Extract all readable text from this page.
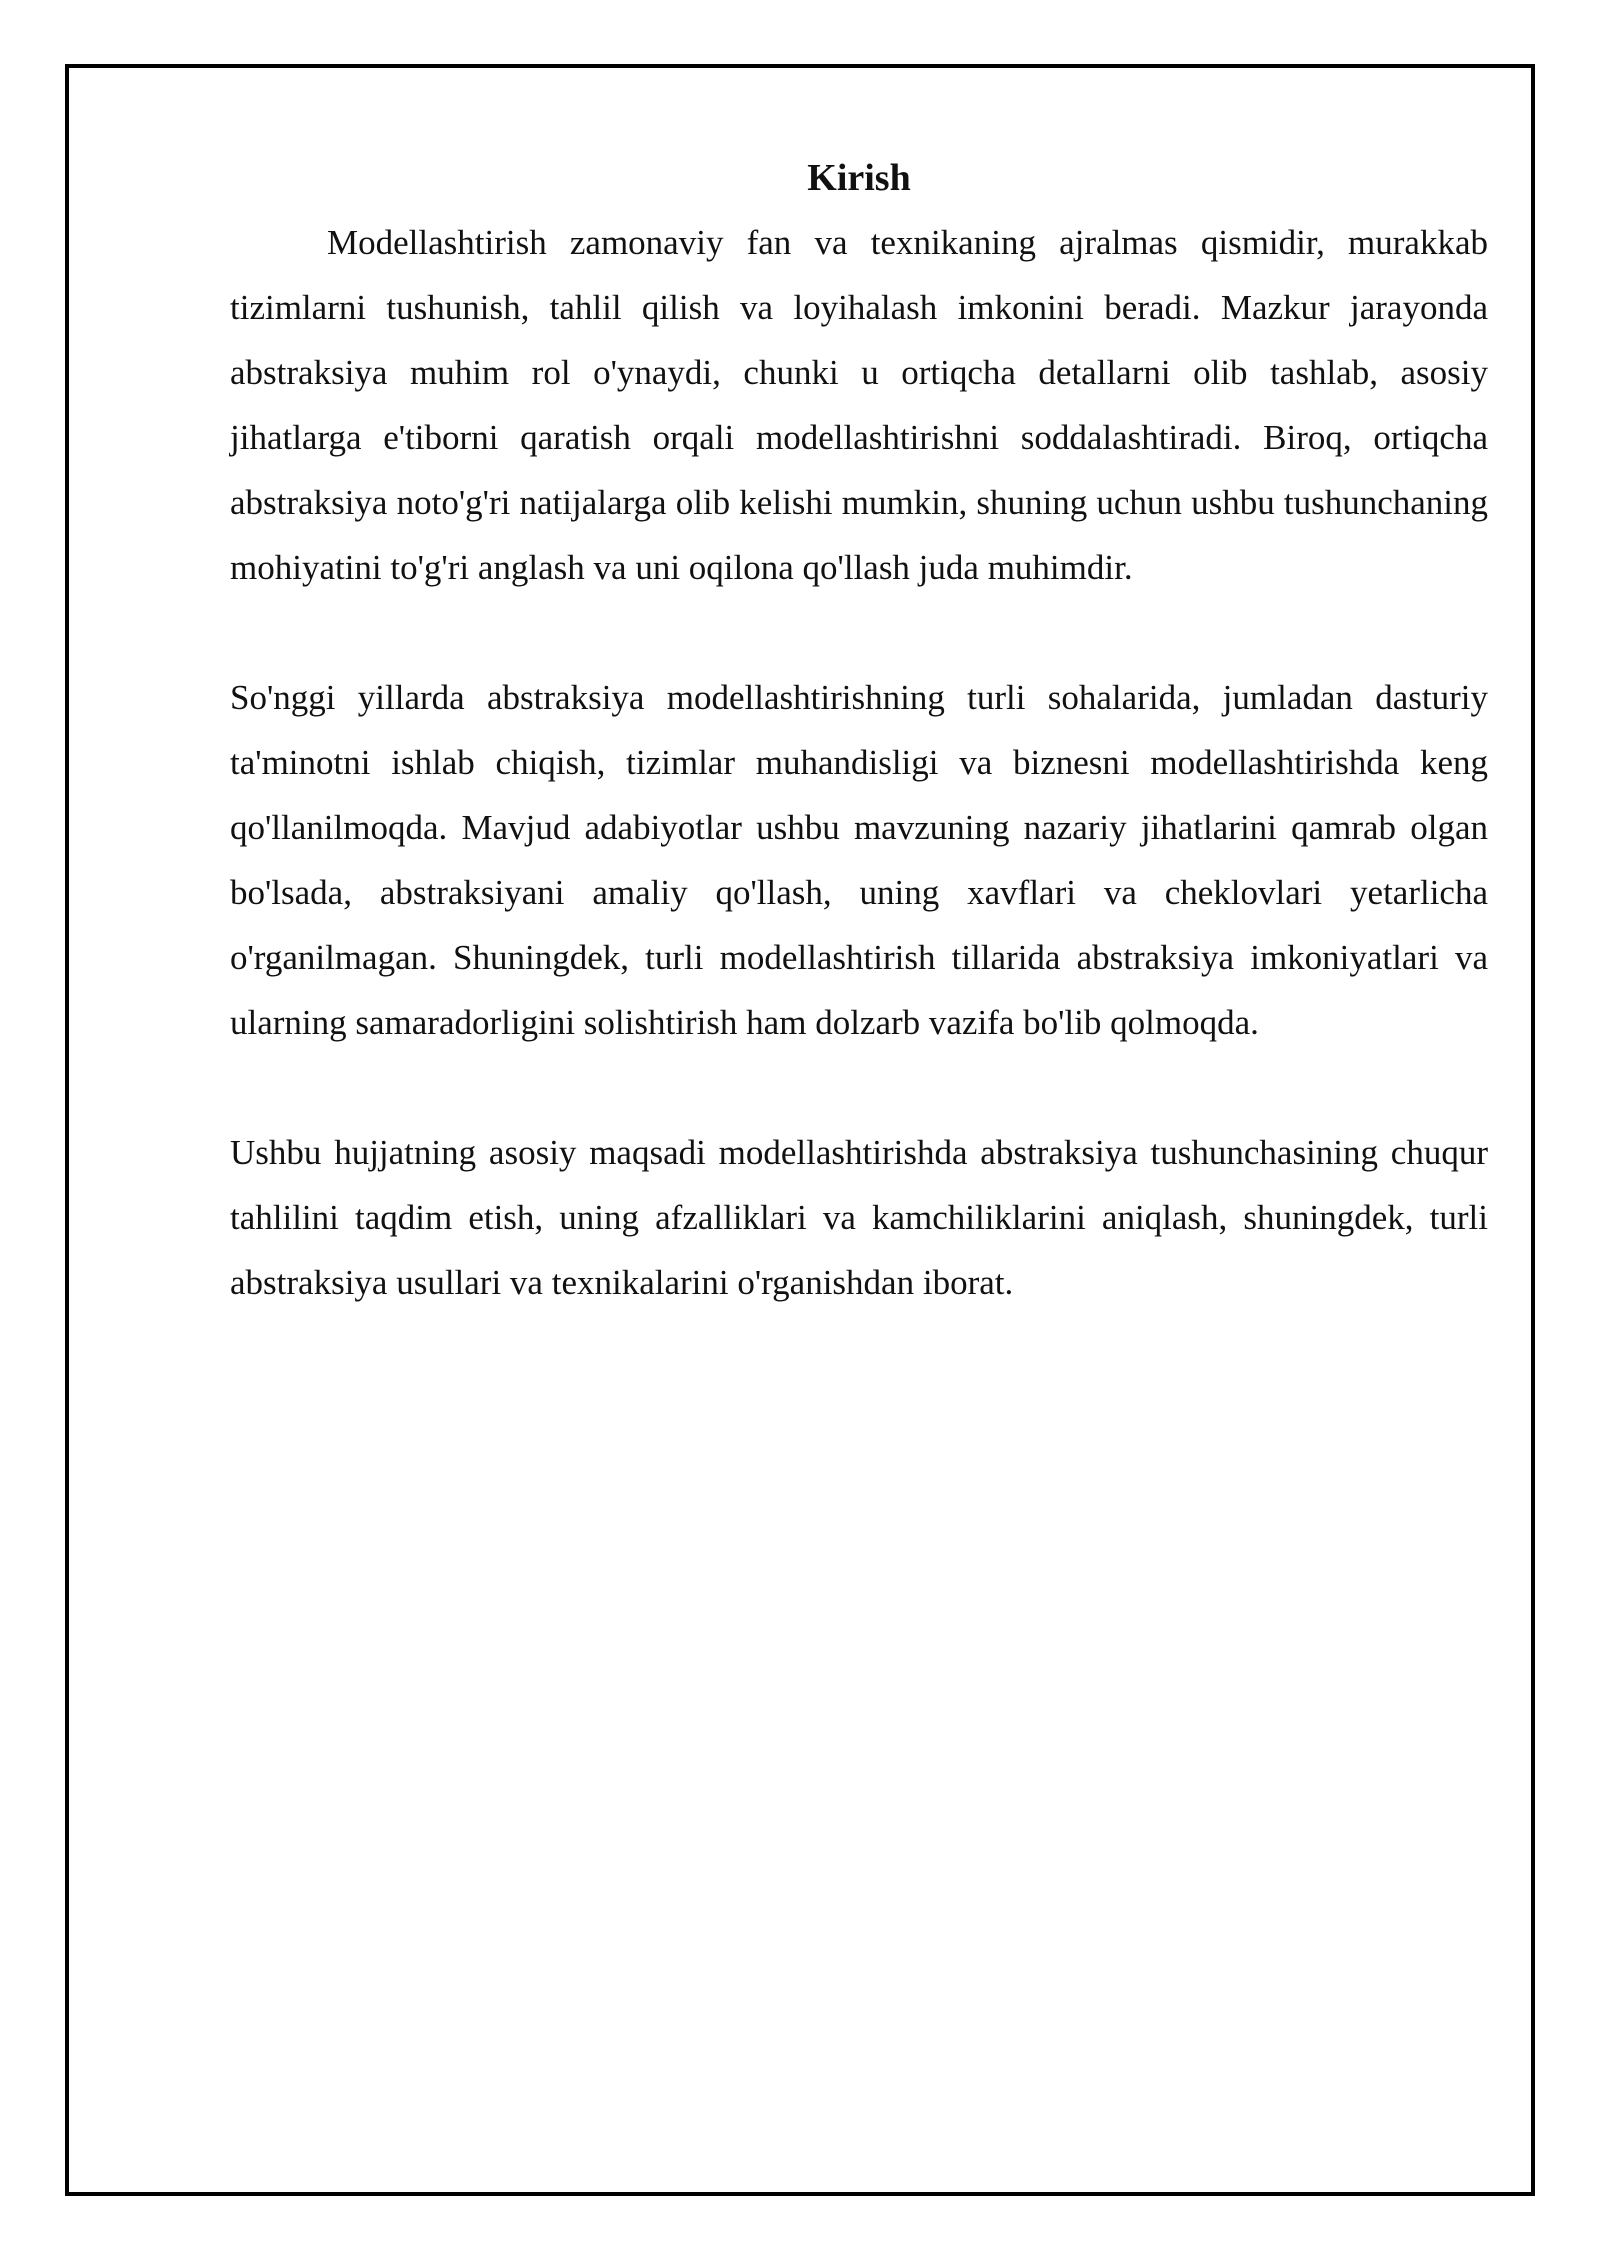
Kirish

Modellashtirish zamonaviy fan va texnikaning ajralmas qismidir, murakkab tizimlarni tushunish, tahlil qilish va loyihalash imkonini beradi. Mazkur jarayonda abstraksiya muhim rol o'ynaydi, chunki u ortiqcha detallarni olib tashlab, asosiy jihatlarga e'tiborni qaratish orqali modellashtirishni soddalashtiradi. Biroq, ortiqcha abstraksiya noto'g'ri natijalarga olib kelishi mumkin, shuning uchun ushbu tushunchaning mohiyatini to'g'ri anglash va uni oqilona qo'llash juda muhimdir.

So'nggi yillarda abstraksiya modellashtirishning turli sohalarida, jumladan dasturiy ta'minotni ishlab chiqish, tizimlar muhandisligi va biznesni modellashtirishda keng qo'llanilmoqda. Mavjud adabiyotlar ushbu mavzuning nazariy jihatlarini qamrab olgan bo'lsada, abstraksiyani amaliy qo'llash, uning xavflari va cheklovlari yetarlicha o'rganilmagan. Shuningdek, turli modellashtirish tillarida abstraksiya imkoniyatlari va ularning samaradorligini solishtirish ham dolzarb vazifa bo'lib qolmoqda.

Ushbu hujjatning asosiy maqsadi modellashtirishda abstraksiya tushunchasining chuqur tahlilini taqdim etish, uning afzalliklari va kamchiliklarini aniqlash, shuningdek, turli abstraksiya usullari va texnikalarini o'rganishdan iborat.
